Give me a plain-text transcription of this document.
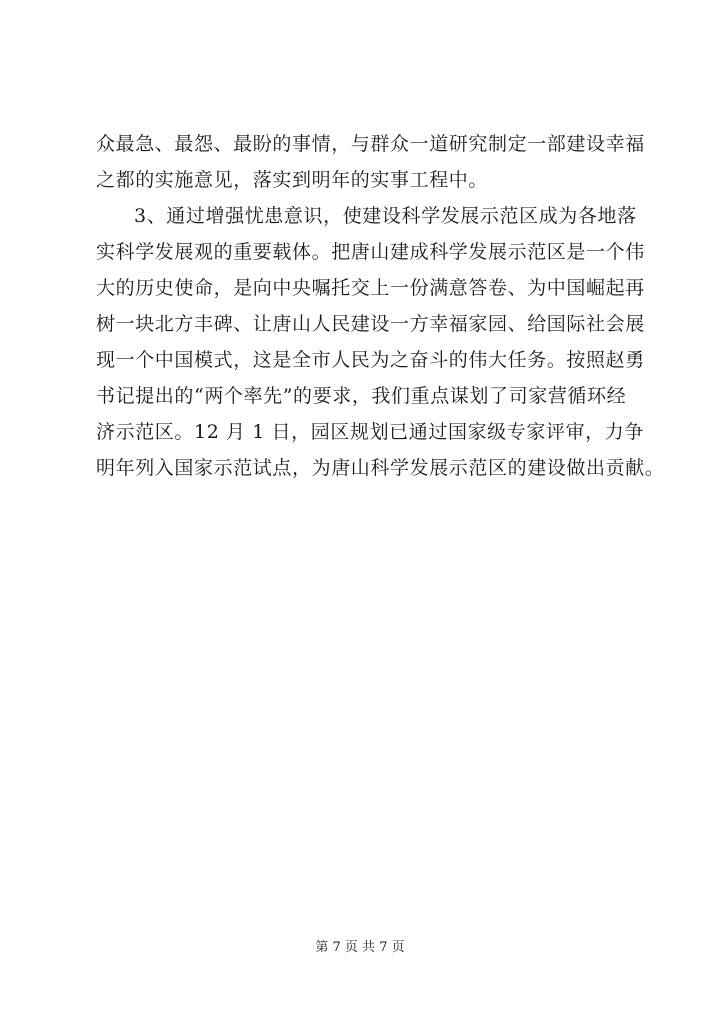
众最急、最怨、最盼的事情，与群众一道研究制定一部建设幸福
之都的实施意见，落实到明年的实事工程中。
3、通过增强忧患意识，使建设科学发展示范区成为各地落
实科学发展观的重要载体。把唐山建成科学发展示范区是一个伟
大的历史使命，是向中央嘱托交上一份满意答卷、为中国崛起再
树一块北方丰碑、让唐山人民建设一方幸福家园、给国际社会展
现一个中国模式，这是全市人民为之奋斗的伟大任务。按照赵勇
书记提出的“两个率先”的要求，我们重点谋划了司家营循环经
济示范区。12 月 1 日，园区规划已通过国家级专家评审，力争
明年列入国家示范试点，为唐山科学发展示范区的建设做出贡献。
第 7 页 共 7 页
